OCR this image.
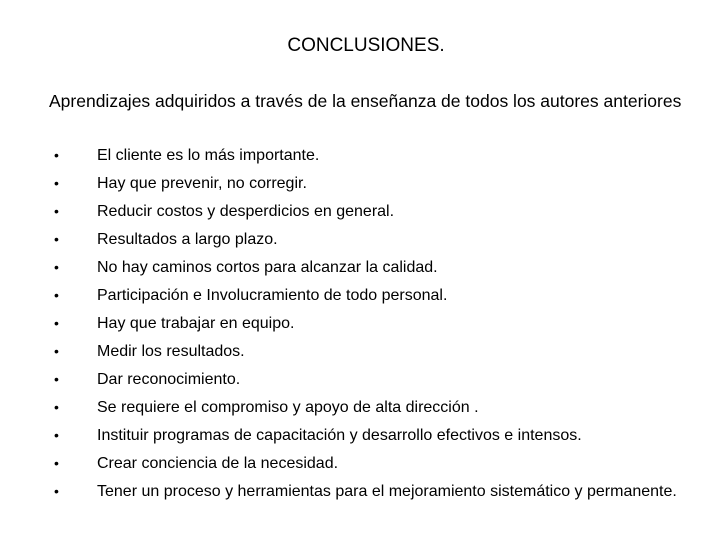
CONCLUSIONES.
Aprendizajes adquiridos a través de la enseñanza de todos los autores anteriores
• El cliente es lo más importante.
• Hay que prevenir, no corregir.
• Reducir costos y desperdicios en general.
• Resultados a largo plazo.
• No hay caminos cortos para alcanzar la calidad.
• Participación e Involucramiento de todo personal.
• Hay que trabajar en equipo.
• Medir los resultados.
• Dar reconocimiento.
• Se requiere el compromiso y apoyo de alta dirección .
• Instituir programas de capacitación y desarrollo efectivos e intensos.
• Crear conciencia de la necesidad.
• Tener un proceso y herramientas para el mejoramiento sistemático y permanente.
